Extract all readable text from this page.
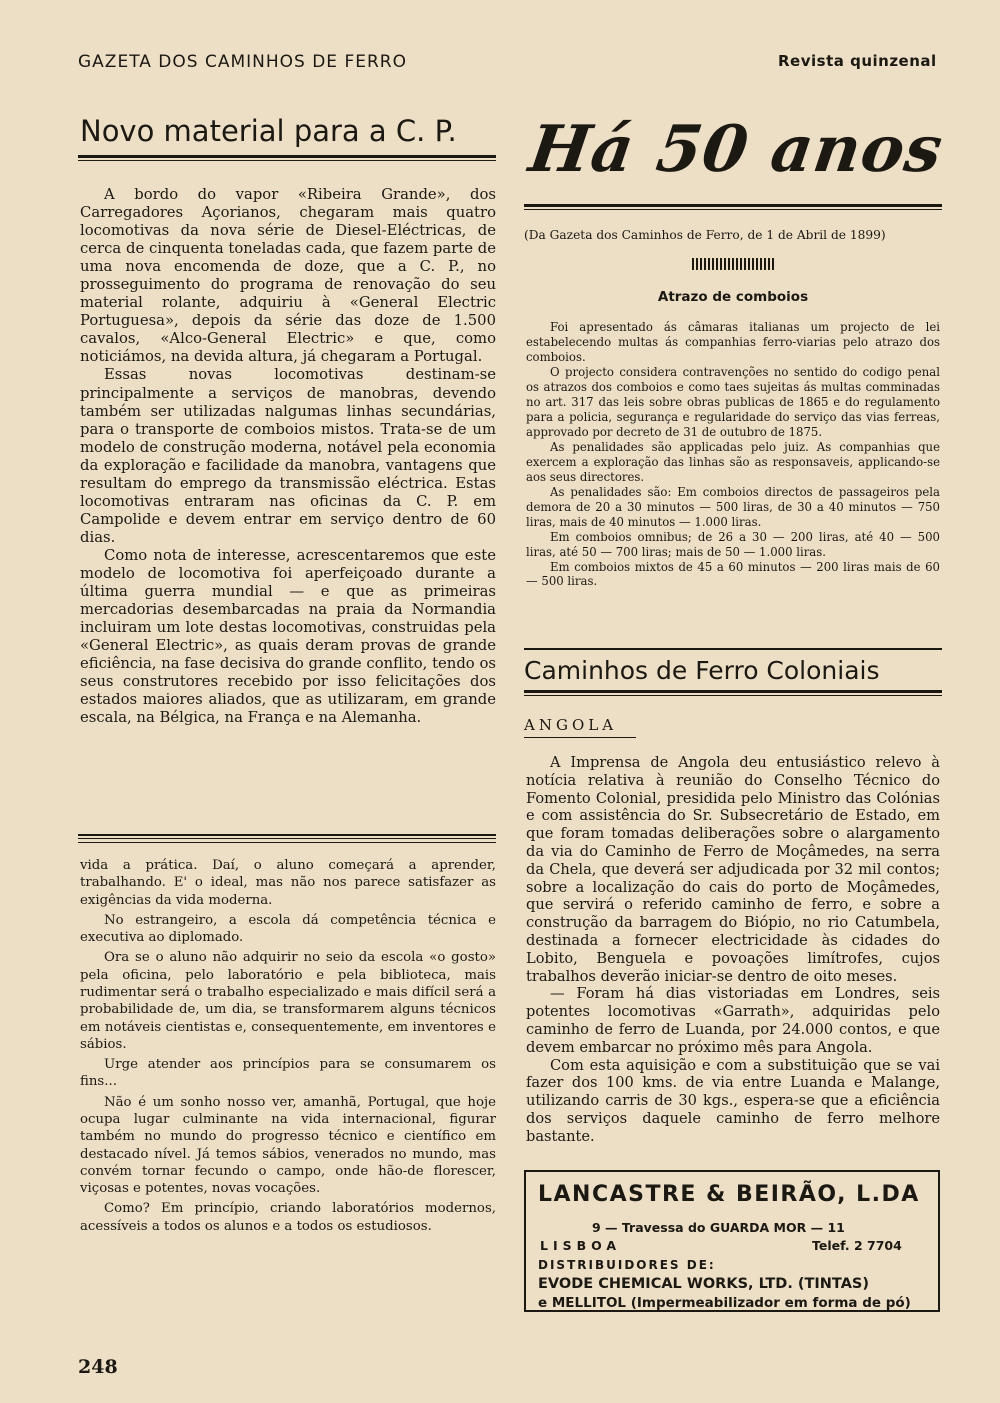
GAZETA DOS CAMINHOS DE FERRO	Revista quinzenal
Novo material para a C. P.

A bordo do vapor «Ribeira Grande», dos Carregadores Açorianos, chegaram mais quatro locomotivas da nova série de Diesel-Eléctricas, de cerca de cinquenta toneladas cada, que fazem parte de uma nova encomenda de doze, que a C. P., no prosseguimento do programa de renovação do seu material rolante, adquiriu à «General Electric Portuguesa», depois da série das doze de 1.500 cavalos, «Alco-General Electric» e que, como noticiámos, na devida altura, já chegaram a Portugal.

Essas novas locomotivas destinam-se principalmente a serviços de manobras, devendo também ser utilizadas nalgumas linhas secundárias, para o transporte de comboios mistos. Trata-se de um modelo de construção moderna, notável pela economia da exploração e facilidade da manobra, vantagens que resultam do emprego da transmissão eléctrica. Estas locomotivas entraram nas oficinas da C. P. em Campolide e devem entrar em serviço dentro de 60 dias.

Como nota de interesse, acrescentaremos que este modelo de locomotiva foi aperfeiçoado durante a última guerra mundial — e que as primeiras mercadorias desembarcadas na praia da Normandia incluiram um lote destas locomotivas, construidas pela «General Electric», as quais deram provas de grande eficiência, na fase decisiva do grande conflito, tendo os seus construtores recebido por isso felicitações dos estados maiores aliados, que as utilizaram, em grande escala, na Bélgica, na França e na Alemanha.

vida a prática. Daí, o aluno começará a aprender, trabalhando. E' o ideal, mas não nos parece satisfazer as exigências da vida moderna.

No estrangeiro, a escola dá competência técnica e executiva ao diplomado.

Ora se o aluno não adquirir no seio da escola «o gosto» pela oficina, pelo laboratório e pela biblioteca, mais rudimentar será o trabalho especializado e mais difícil será a probabilidade de, um dia, se transformarem alguns técnicos em notáveis cientistas e, consequentemente, em inventores e sábios.

Urge atender aos princípios para se consumarem os fins...

Não é um sonho nosso ver, amanhã, Portugal, que hoje ocupa lugar culminante na vida internacional, figurar também no mundo do progresso técnico e científico em destacado nível. Já temos sábios, venerados no mundo, mas convém tornar fecundo o campo, onde hão-de florescer, viçosas e potentes, novas vocações.

Como? Em princípio, criando laboratórios modernos, acessíveis a todos os alunos e a todos os estudiosos.

Há 50 anos
(Da Gazeta dos Caminhos de Ferro, de 1 de Abril de 1899)
Atrazo de comboios

Foi apresentado ás câmaras italianas um projecto de lei estabelecendo multas ás companhias ferro-viarias pelo atrazo dos comboios.

O projecto considera contravenções no sentido do codigo penal os atrazos dos comboios e como taes sujeitas ás multas comminadas no art. 317 das leis sobre obras publicas de 1865 e do regulamento para a policia, segurança e regularidade do serviço das vias ferreas, approvado por decreto de 31 de outubro de 1875.

As penalidades são applicadas pelo juiz. As companhias que exercem a exploração das linhas são as responsaveis, applicando-se aos seus directores.

As penalidades são: Em comboios directos de passageiros pela demora de 20 a 30 minutos — 500 liras, de 30 a 40 minutos — 750 liras, mais de 40 minutos — 1.000 liras.

Em comboios omnibus; de 26 a 30 — 200 liras, até 40 — 500 liras, até 50 — 700 liras; mais de 50 — 1.000 liras.

Em comboios mixtos de 45 a 60 minutos — 200 liras mais de 60 — 500 liras.

Caminhos de Ferro Coloniais
ANGOLA

A Imprensa de Angola deu entusiástico relevo à notícia relativa à reunião do Conselho Técnico do Fomento Colonial, presidida pelo Ministro das Colónias e com assistência do Sr. Subsecretário de Estado, em que foram tomadas deliberações sobre o alargamento da via do Caminho de Ferro de Moçâmedes, na serra da Chela, que deverá ser adjudicada por 32 mil contos; sobre a localização do cais do porto de Moçâmedes, que servirá o referido caminho de ferro, e sobre a construção da barragem do Biópio, no rio Catumbela, destinada a fornecer electricidade às cidades do Lobito, Benguela e povoações limítrofes, cujos trabalhos deverão iniciar-se dentro de oito meses.

— Foram há dias vistoriadas em Londres, seis potentes locomotivas «Garrath», adquiridas pelo caminho de ferro de Luanda, por 24.000 contos, e que devem embarcar no próximo mês para Angola.

Com esta aquisição e com a substituição que se vai fazer dos 100 kms. de via entre Luanda e Malange, utilizando carris de 30 kgs., espera-se que a eficiência dos serviços daquele caminho de ferro melhore bastante.

LANCASTRE & BEIRÃO, L.DA
9 — Travessa do GUARDA MOR — 11
LISBOA	Telef. 2 7704
DISTRIBUIDORES DE:
EVODE CHEMICAL WORKS, LTD. (TINTAS)
e MELLITOL (Impermeabilizador em forma de pó)
248
